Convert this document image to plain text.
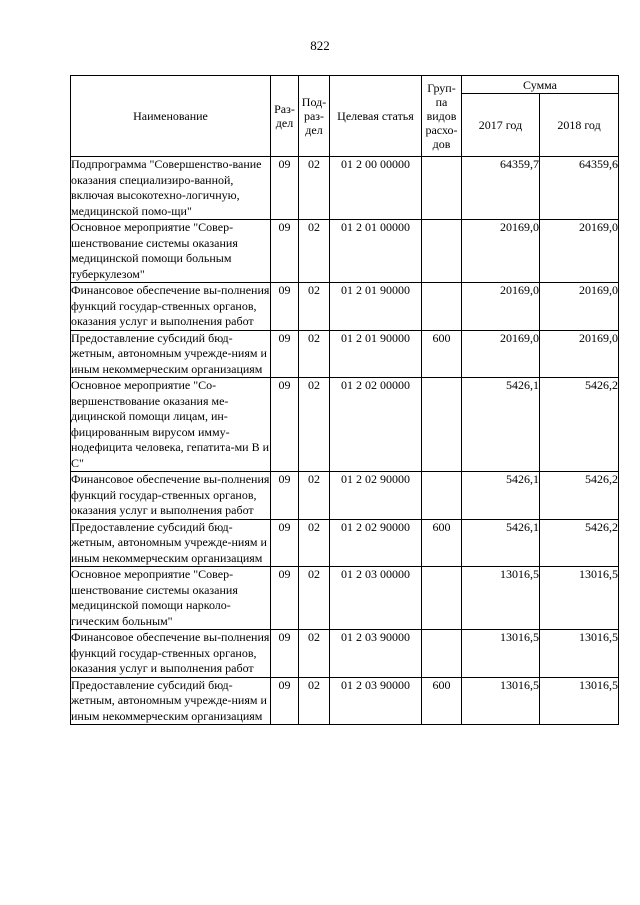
822
Наименование	Раз-дел	Под-раз-дел	Целевая статья	Груп-па видов расхо-дов	Сумма	
					2017 год	2018 год
Подпрограмма "Совершенство-вание оказания специализиро-ванной, включая высокотехно-логичную, медицинской помо-щи"	09	02	01 2 00 00000		64359,7	64359,6
Основное мероприятие "Совер-шенствование системы оказания медицинской помощи больным туберкулезом"	09	02	01 2 01 00000		20169,0	20169,0
Финансовое обеспечение вы-полнения функций государ-ственных органов, оказания услуг и выполнения работ	09	02	01 2 01 90000		20169,0	20169,0
Предоставление субсидий бюд-жетным, автономным учрежде-ниям и иным некоммерческим организациям	09	02	01 2 01 90000	600	20169,0	20169,0
Основное мероприятие "Со-вершенствование оказания ме-дицинской помощи лицам, ин-фицированным вирусом имму-нодефицита человека, гепатита-ми B и C"	09	02	01 2 02 00000		5426,1	5426,2
Финансовое обеспечение вы-полнения функций государ-ственных органов, оказания услуг и выполнения работ	09	02	01 2 02 90000		5426,1	5426,2
Предоставление субсидий бюд-жетным, автономным учрежде-ниям и иным некоммерческим организациям	09	02	01 2 02 90000	600	5426,1	5426,2
Основное мероприятие "Совер-шенствование системы оказания медицинской помощи нарколо-гическим больным"	09	02	01 2 03 00000		13016,5	13016,5
Финансовое обеспечение вы-полнения функций государ-ственных органов, оказания услуг и выполнения работ	09	02	01 2 03 90000		13016,5	13016,5
Предоставление субсидий бюд-жетным, автономным учрежде-ниям и иным некоммерческим организациям	09	02	01 2 03 90000	600	13016,5	13016,5
